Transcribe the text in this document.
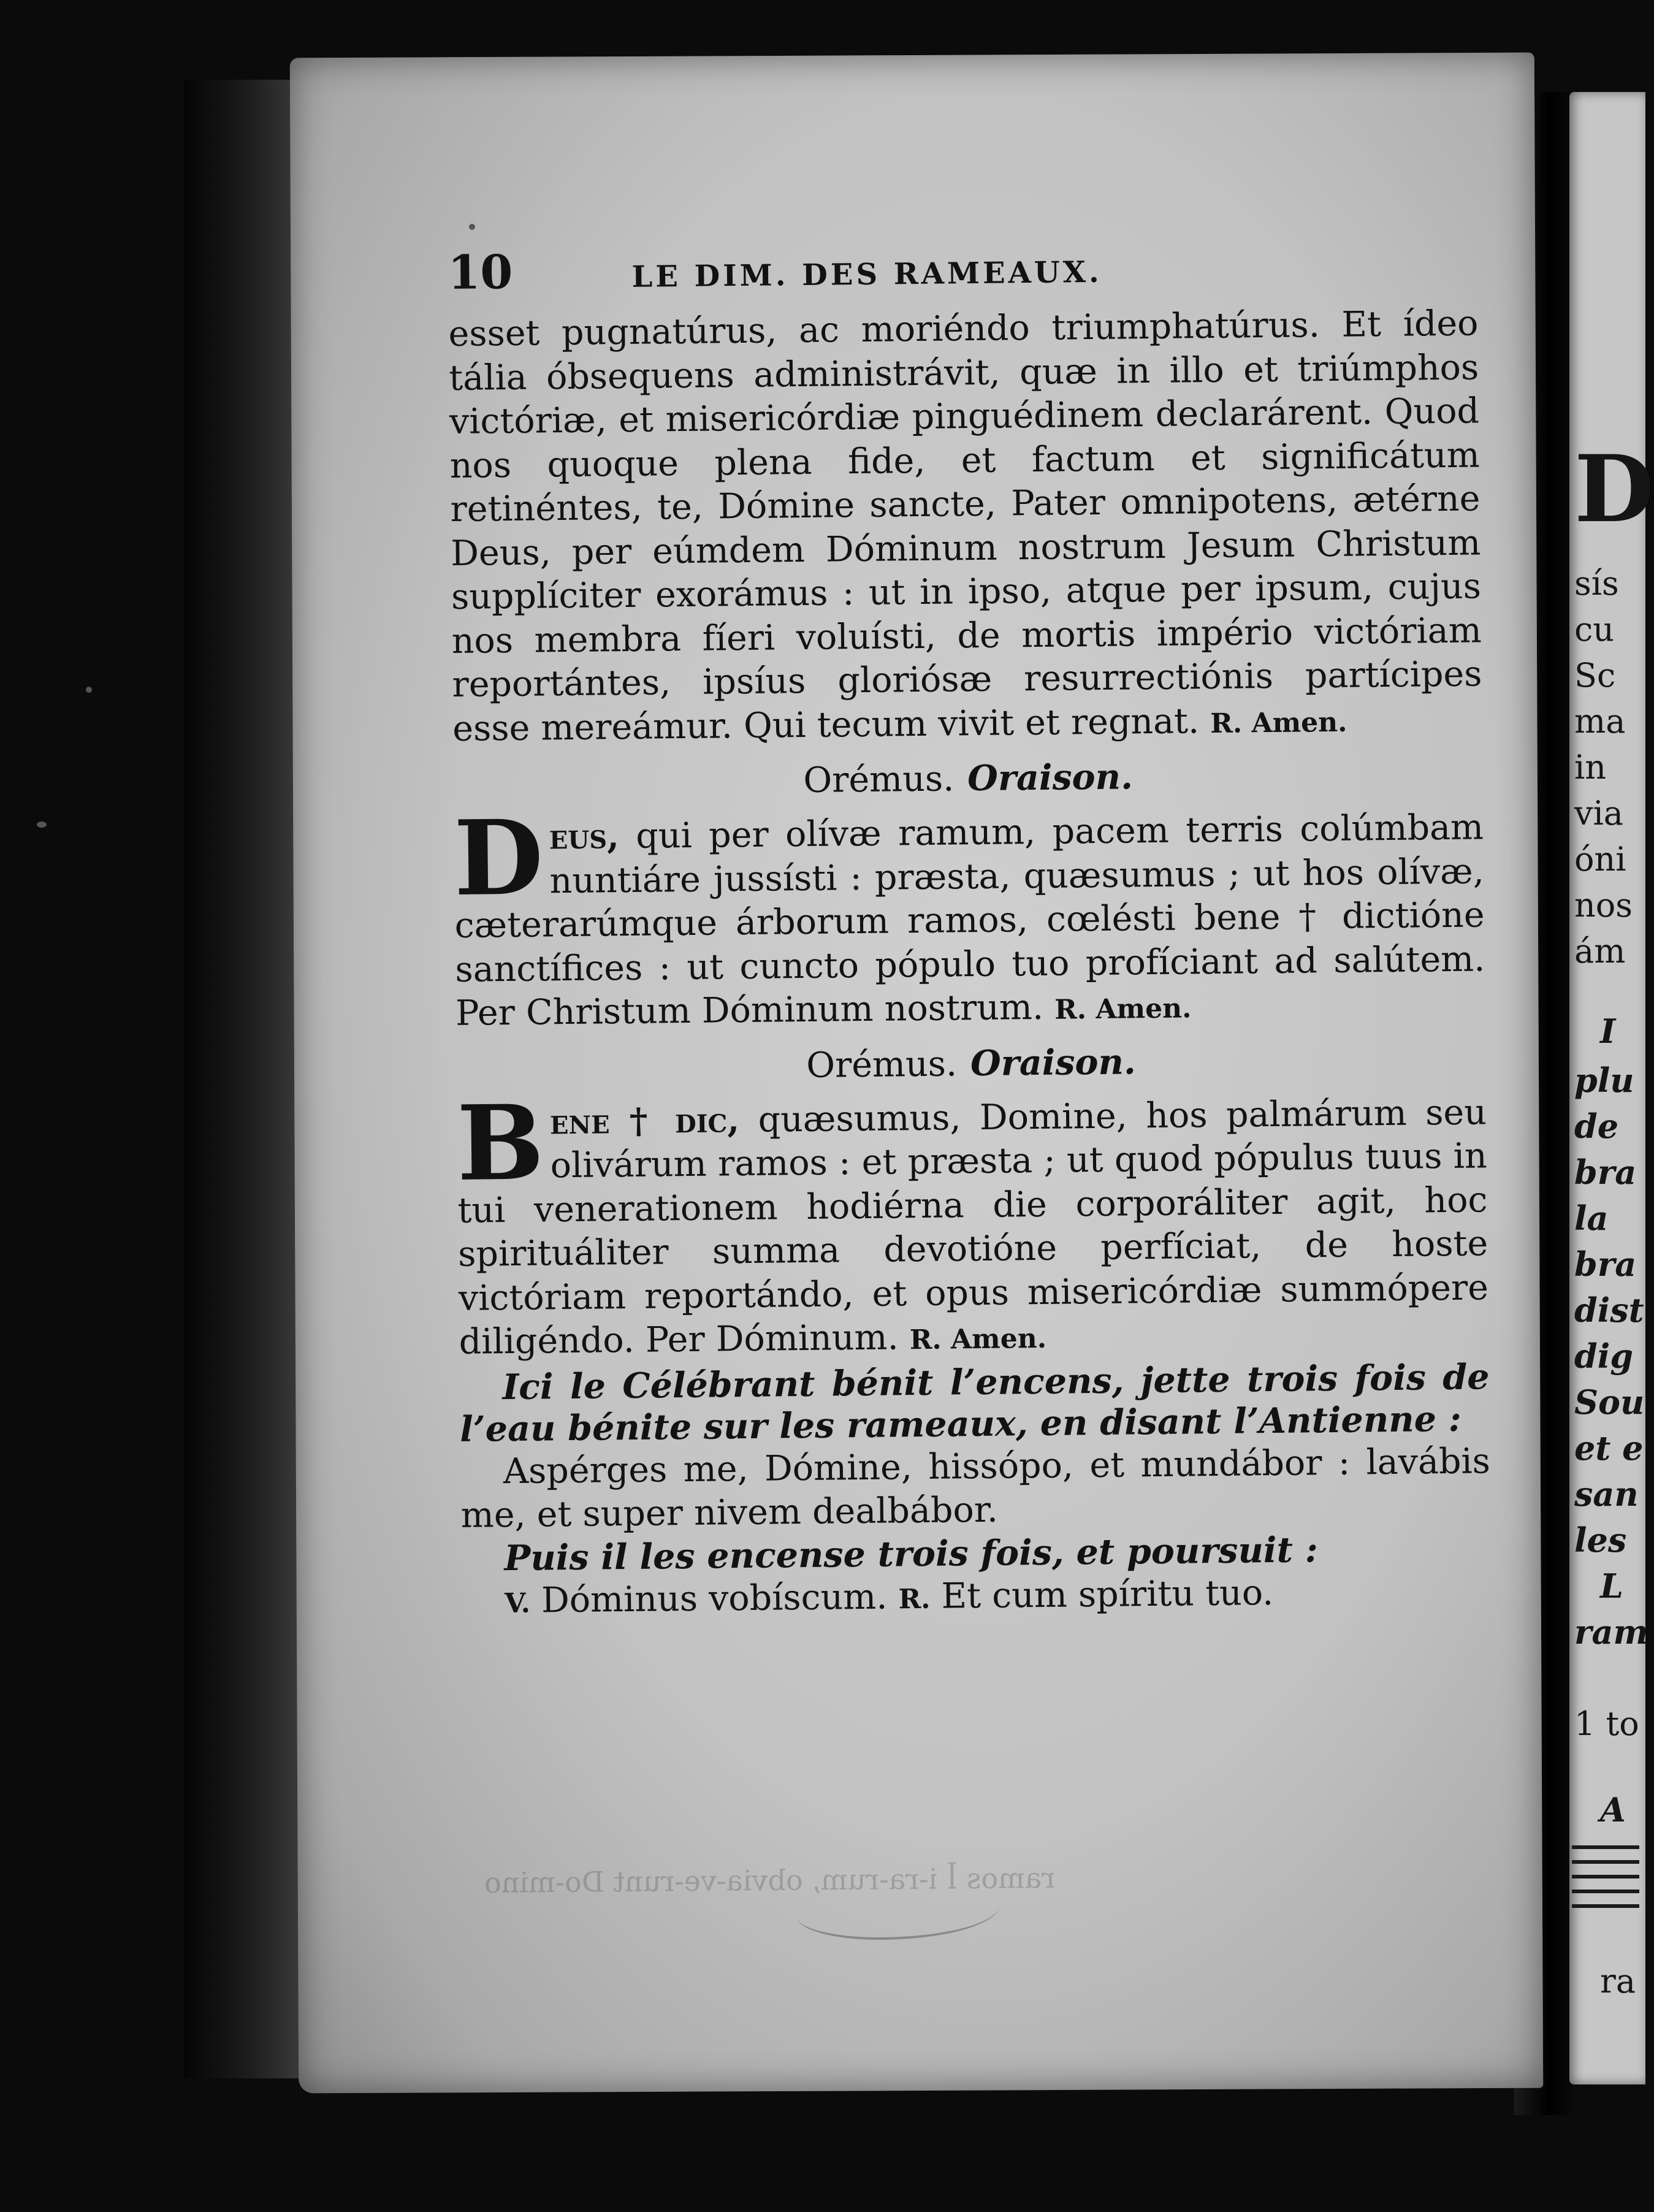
D
sís
cu
Sc
ma
in
via
óni
nos
ám
I
plu
de
bra
la
bra
dist
dig
Sou
et e
san
les
L
ram
1 to
A
ra
ramos ꟾ i-ra-rum, obvia-ve-runt Do-mino
10	LE DIM. DES RAMEAUX.

esset pugnatúrus, ac moriéndo triumphatúrus. Et ídeo tália óbsequens administrávit, quæ in illo et triúmphos victóriæ, et misericórdiæ pinguédinem declarárent. Quod nos quoque plena fide, et factum et significátum retinéntes, te, Dómine sancte, Pater omnipotens, ætérne Deus, per eúmdem Dóminum nostrum Jesum Christum supplíciter exorámus : ut in ipso, atque per ipsum, cujus nos membra fíeri voluísti, de mortis império victóriam reportántes, ipsíus gloriósæ resurrectiónis partícipes esse mereámur. Qui tecum vivit et regnat. R. Amen.

Orémus. Oraison.

Deus, qui per olívæ ramum, pacem terris colúmbam nuntiáre jussísti : præsta, quæsumus ; ut hos olívæ, cæterarúmque árborum ramos, cœlésti bene † dictióne sanctífices : ut cuncto pópulo tuo profíciant ad salútem. Per Christum Dóminum nostrum. R. Amen.

Orémus. Oraison.

Bene † dic, quæsumus, Domine, hos palmárum seu olivárum ramos : et præsta ; ut quod pópulus tuus in tui venerationem hodiérna die corporáliter agit, hoc spirituáliter summa devotióne perfíciat, de hoste victóriam reportándo, et opus misericórdiæ summópere diligéndo. Per Dóminum. R. Amen.

Ici le Célébrant bénit l’encens, jette trois fois de l’eau bénite sur les rameaux, en disant l’Antienne :

Aspérges me, Dómine, hissópo, et mundábor : lavábis me, et super nivem dealbábor.

Puis il les encense trois fois, et poursuit :

V. Dóminus vobíscum. R. Et cum spíritu tuo.
